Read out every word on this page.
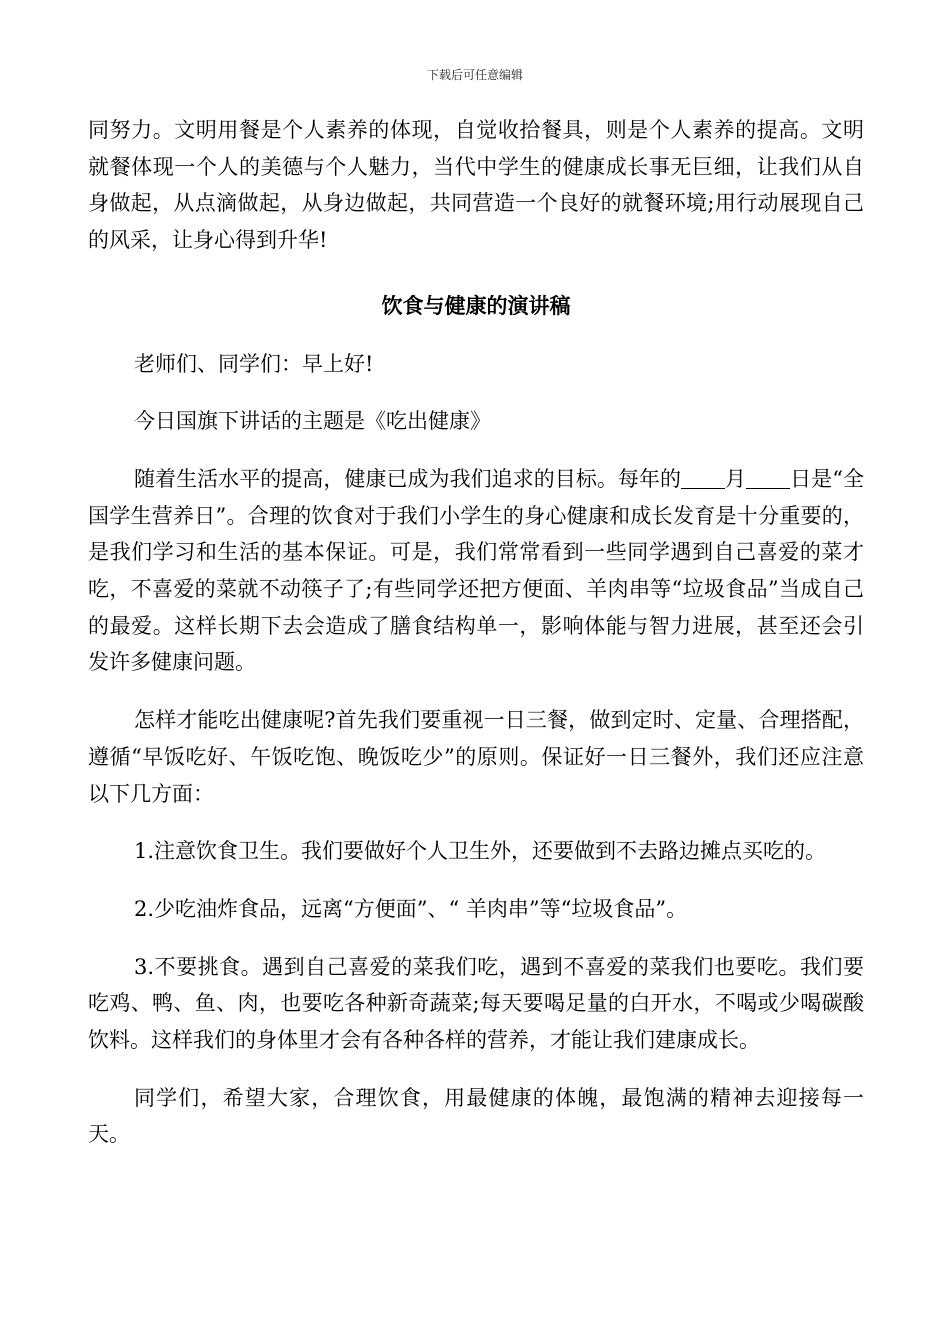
下载后可任意编辑

同努力。文明用餐是个人素养的体现，自觉收拾餐具，则是个人素养的提高。文明就餐体现一个人的美德与个人魅力，当代中学生的健康成长事无巨细，让我们从自身做起，从点滴做起，从身边做起，共同营造一个良好的就餐环境;用行动展现自己的风采，让身心得到升华!

饮食与健康的演讲稿

老师们、同学们：早上好!

今日国旗下讲话的主题是《吃出健康》

随着生活水平的提高，健康已成为我们追求的目标。每年的 月 日是“全国学生营养日”。合理的饮食对于我们小学生的身心健康和成长发育是十分重要的，是我们学习和生活的基本保证。可是，我们常常看到一些同学遇到自己喜爱的菜才吃，不喜爱的菜就不动筷子了;有些同学还把方便面、羊肉串等“垃圾食品”当成自己的最爱。这样长期下去会造成了膳食结构单一，影响体能与智力进展，甚至还会引发许多健康问题。

怎样才能吃出健康呢?首先我们要重视一日三餐，做到定时、定量、合理搭配，遵循“早饭吃好、午饭吃饱、晚饭吃少”的原则。保证好一日三餐外，我们还应注意以下几方面：

1.注意饮食卫生。我们要做好个人卫生外，还要做到不去路边摊点买吃的。

2.少吃油炸食品，远离“方便面”、“ 羊肉串”等“垃圾食品”。

3.不要挑食。遇到自己喜爱的菜我们吃，遇到不喜爱的菜我们也要吃。我们要吃鸡、鸭、鱼、肉，也要吃各种新奇蔬菜;每天要喝足量的白开水，不喝或少喝碳酸饮料。这样我们的身体里才会有各种各样的营养，才能让我们建康成长。

同学们，希望大家，合理饮食，用最健康的体魄，最饱满的精神去迎接每一天。
